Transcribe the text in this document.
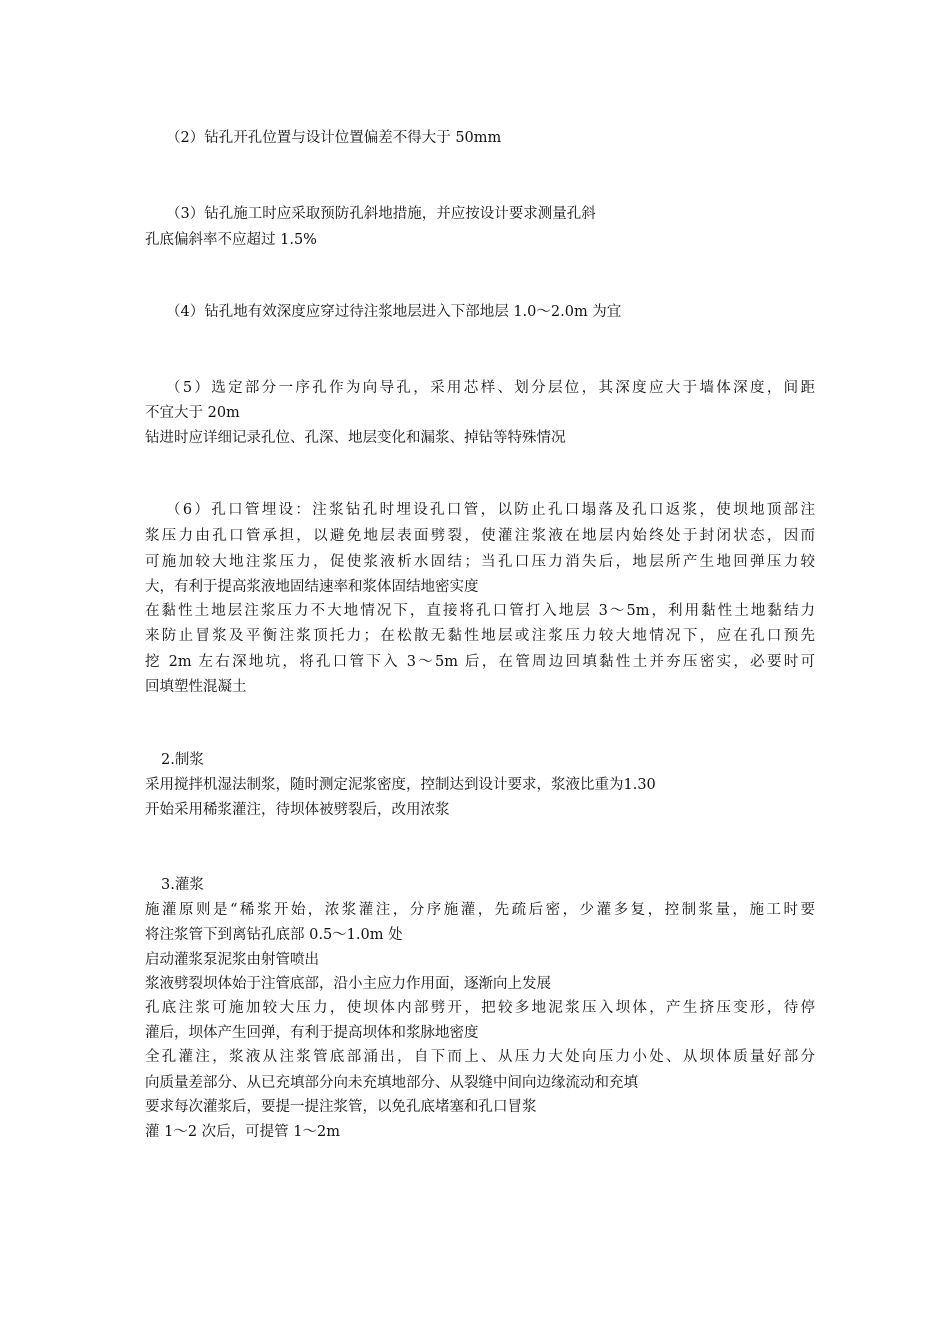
（2）钻孔开孔位置与设计位置偏差不得大于 50mm
（3）钻孔施工时应采取预防孔斜地措施，并应按设计要求测量孔斜
孔底偏斜率不应超过 1.5%
（4）钻孔地有效深度应穿过待注浆地层进入下部地层 1.0～2.0m 为宜
（5）选定部分一序孔作为向导孔，采用芯样、划分层位，其深度应大于墙体深度，间距
不宜大于 20m
钻进时应详细记录孔位、孔深、地层变化和漏浆、掉钻等特殊情况
（6）孔口管埋设：注浆钻孔时埋设孔口管，以防止孔口塌落及孔口返浆，使坝地顶部注
浆压力由孔口管承担，以避免地层表面劈裂，使灌注浆液在地层内始终处于封闭状态，因而
可施加较大地注浆压力，促使浆液析水固结；当孔口压力消失后，地层所产生地回弹压力较
大，有利于提高浆液地固结速率和浆体固结地密实度
在黏性土地层注浆压力不大地情况下，直接将孔口管打入地层 3～5m，利用黏性土地黏结力
来防止冒浆及平衡注浆顶托力；在松散无黏性地层或注浆压力较大地情况下，应在孔口预先
挖 2m 左右深地坑，将孔口管下入 3～5m 后，在管周边回填黏性土并夯压密实，必要时可
回填塑性混凝土
2.制浆
采用搅拌机湿法制浆，随时测定泥浆密度，控制达到设计要求，浆液比重为1.30
开始采用稀浆灌注，待坝体被劈裂后，改用浓浆
3.灌浆
施灌原则是“稀浆开始，浓浆灌注，分序施灌，先疏后密，少灌多复，控制浆量，施工时要
将注浆管下到离钻孔底部 0.5～1.0m 处
启动灌浆泵泥浆由射管喷出
浆液劈裂坝体始于注管底部，沿小主应力作用面，逐渐向上发展
孔底注浆可施加较大压力，使坝体内部劈开，把较多地泥浆压入坝体，产生挤压变形，待停
灌后，坝体产生回弹，有利于提高坝体和浆脉地密度
全孔灌注，浆液从注浆管底部涌出，自下而上、从压力大处向压力小处、从坝体质量好部分
向质量差部分、从已充填部分向未充填地部分、从裂缝中间向边缘流动和充填
要求每次灌浆后，要提一提注浆管，以免孔底堵塞和孔口冒浆
灌 1～2 次后，可提管 1～2m
